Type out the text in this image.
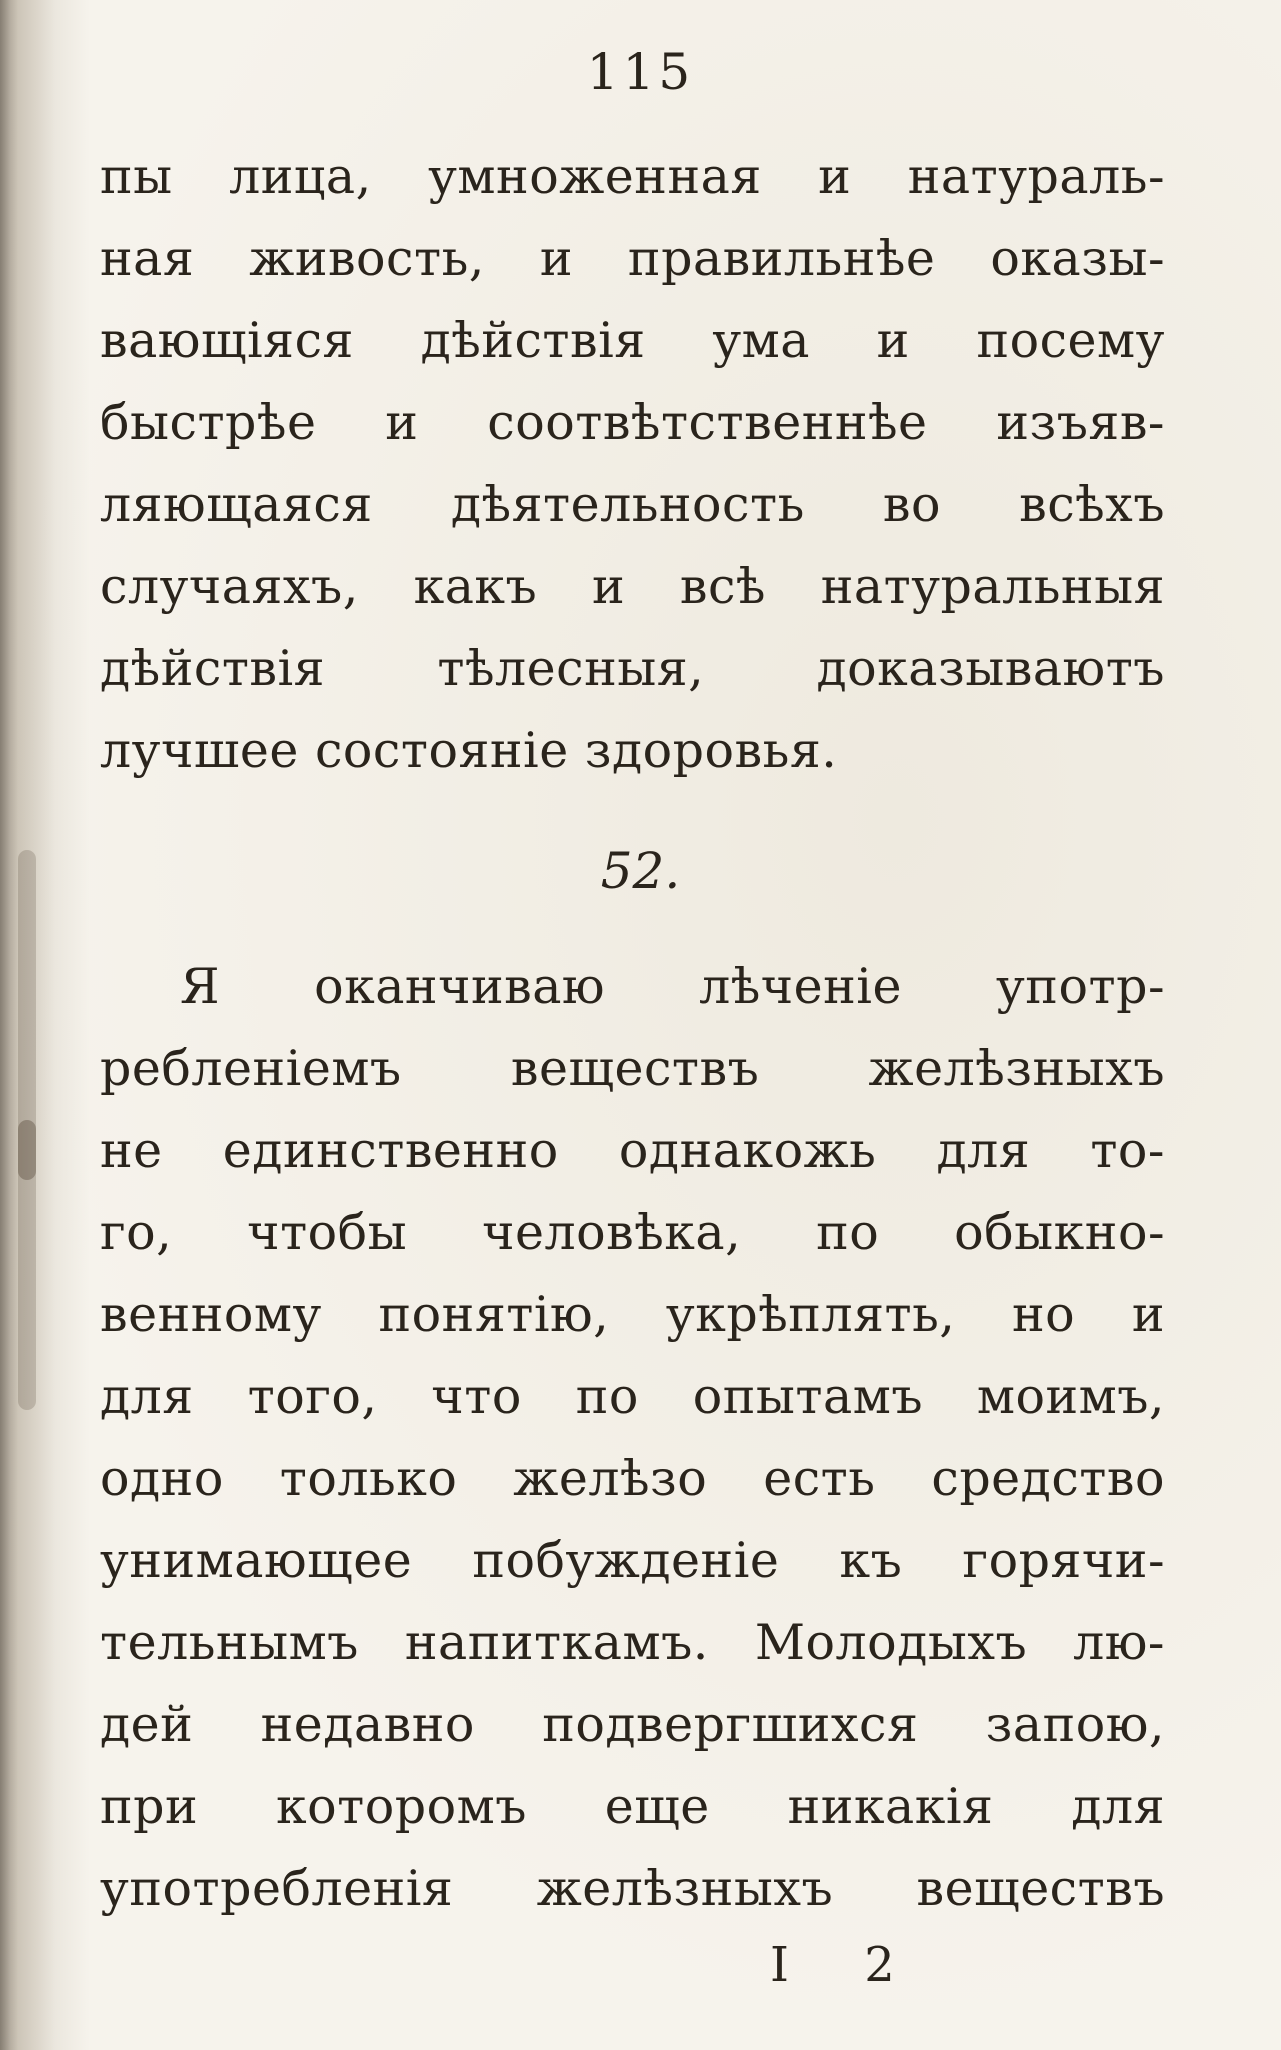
115
пы лица, умноженная и натураль-
ная живость, и правильнѣе оказы-
вающiяся дѣйствiя ума и посему
быстрѣе и соотвѣтственнѣе изъяв-
ляющаяся дѣятельность во всѣхъ
случаяхъ, какъ и всѣ натуральныя
дѣйствiя тѣлесныя, доказываютъ
лучшее состоянiе здоровья.
52.
Я оканчиваю лѣченiе употр-
ребленiемъ веществъ желѣзныхъ
не единственно однакожь для то-
го, чтобы человѣка, по обыкно-
венному понятiю, укрѣплять, но и
для того, что по опытамъ моимъ,
одно только желѣзо есть средство
унимающее побужденiе къ горячи-
тельнымъ напиткамъ. Молодыхъ лю-
дей недавно подвергшихся запою,
при которомъ еще никакiя для
употребленiя желѣзныхъ веществъ
I 2
